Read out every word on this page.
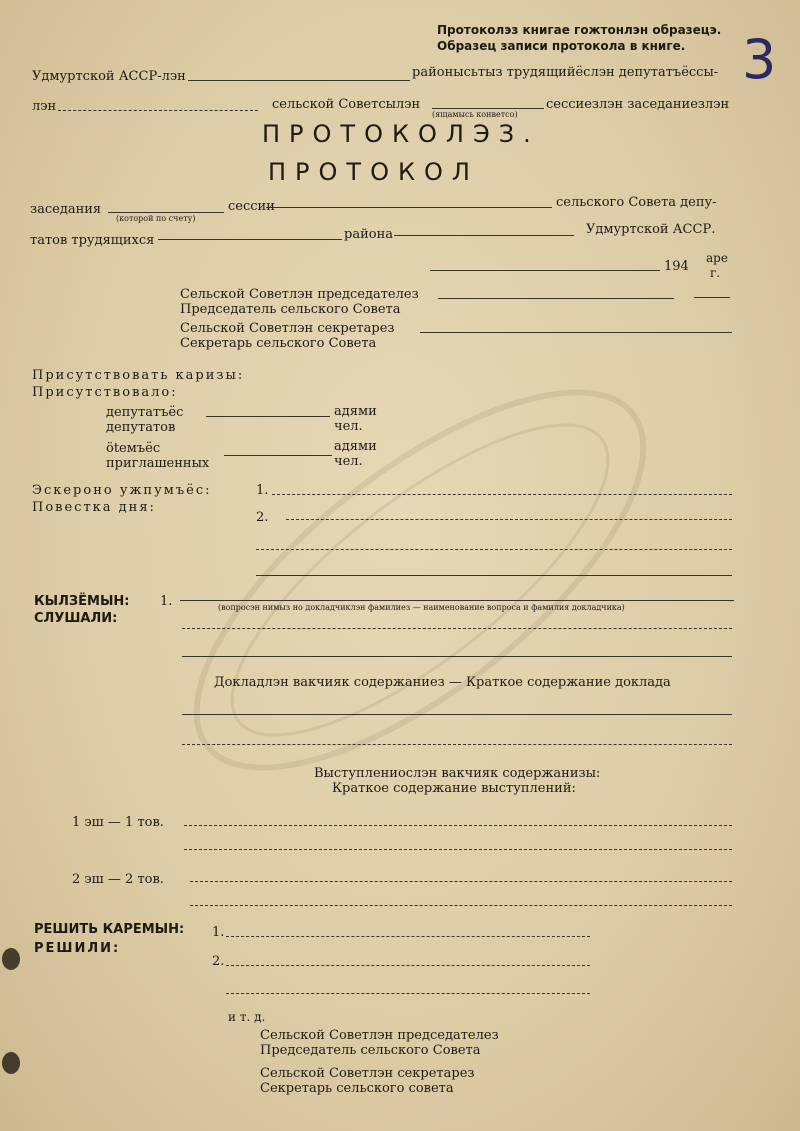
Протоколэз книгае гожтонлэн образецэ.
Образец записи протокола в книге. 3
Удмуртской АССР-лэн	районысьтыз трудящийёслэн депутатъёссы-
лэн	сельской Советсылэн
(ящамысь конветсо)
сессиезлэн заседаниезлэн
ПРОТОКОЛЭЗ.
ПРОТОКОЛ
заседания
(которой по счету)
сессии	сельского Совета депу-
татов трудящихся	района	Удмуртской АССР.
194
аре
г.
Сельской Советлэн председателез
Председатель сельского Совета
Сельской Советлэн секретарез
Секретарь сельского Совета
Присутствовать каризы:
Присутствовало:
депутатъёс	адями
депутатов	чел.
ötемъёс	адями
приглашенных	чел.
Эскероно ужпумъёс:
Повестка дня:
1.
2.
КЫЛЗЁМЫН:
СЛУШАЛИ:
1.	(вопросэн нимыз но докладчиклэн фамилиез — наименование вопроса и фамилия докладчика)
Докладлэн вакчияк содержаниез — Краткое содержание доклада
Выступлениослэн вакчияк содержанизы:
Краткое содержание выступлений:
1 эш — 1 тов.
2 эш — 2 тов.
РЕШИТЬ КАРЕМЫН:
РЕШИЛИ:
1.
2.
и т. д.
Сельской Советлэн председателез
Председатель сельского Совета
Сельской Советлэн секретарез
Секретарь сельского совета
